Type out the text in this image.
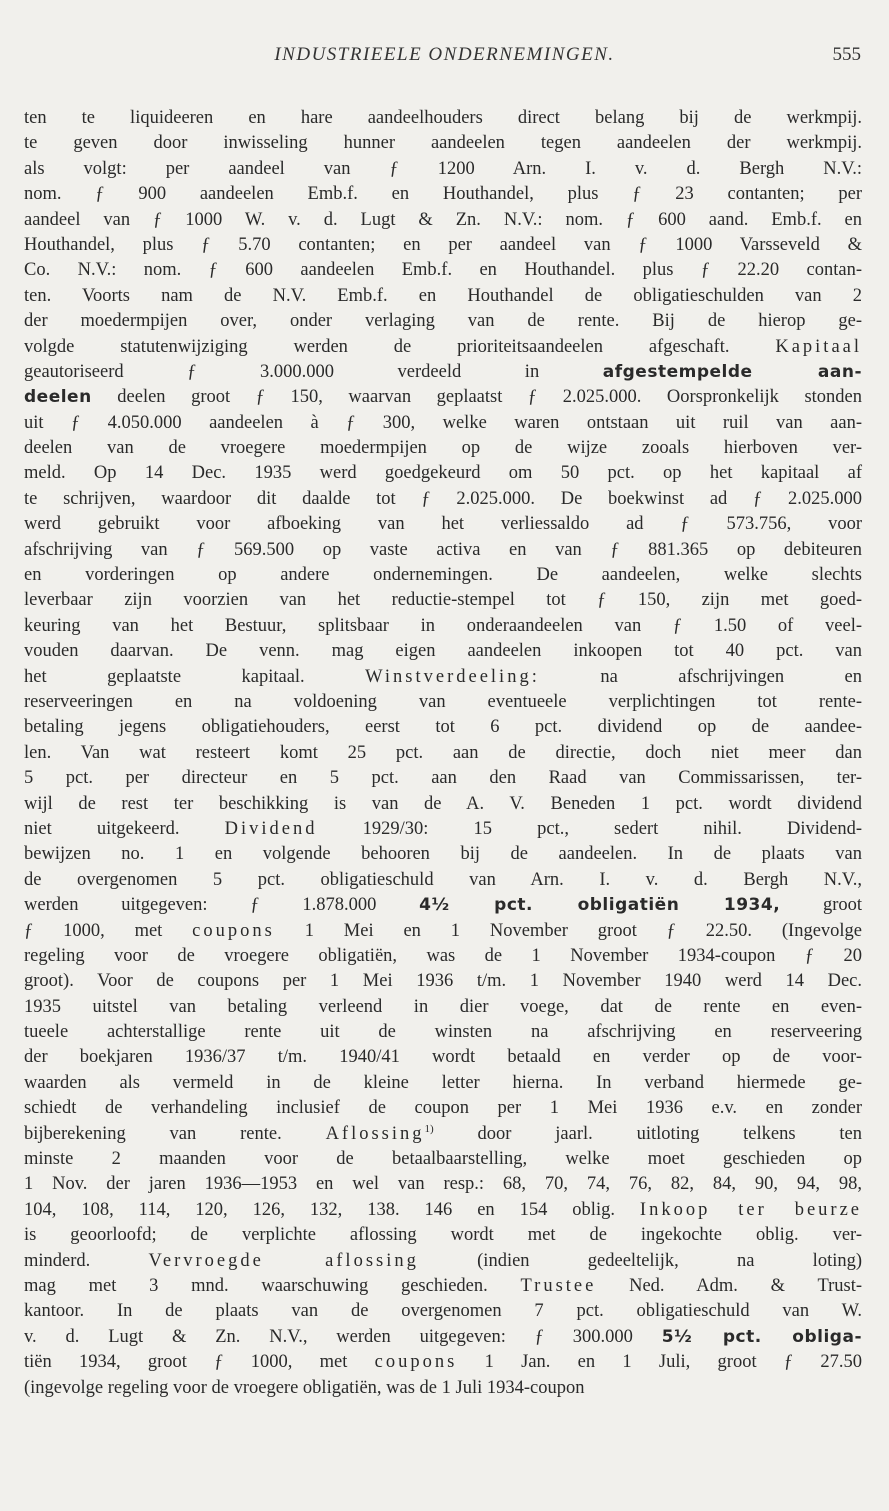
INDUSTRIEELE ONDERNEMINGEN.	555
ten te liquideeren en hare aandeelhouders direct belang bij de werkmpij.
te geven door inwisseling hunner aandeelen tegen aandeelen der werkmpij.
als volgt: per aandeel van ƒ 1200 Arn. I. v. d. Bergh N.V.:
nom. ƒ 900 aandeelen Emb.f. en Houthandel, plus ƒ 23 contanten; per
aandeel van ƒ 1000 W. v. d. Lugt & Zn. N.V.: nom. ƒ 600 aand. Emb.f. en
Houthandel, plus ƒ 5.70 contanten; en per aandeel van ƒ 1000 Varsseveld &
Co. N.V.: nom. ƒ 600 aandeelen Emb.f. en Houthandel. plus ƒ 22.20 contan-
ten. Voorts nam de N.V. Emb.f. en Houthandel de obligatieschulden van 2
der moedermpijen over, onder verlaging van de rente. Bij de hierop ge-
volgde statutenwijziging werden de prioriteitsaandeelen afgeschaft. Kapitaal
geautoriseerd ƒ 3.000.000 verdeeld in	afgestempelde aan-
deelen deelen groot ƒ 150, waarvan geplaatst ƒ 2.025.000. Oorspronkelijk stonden
uit ƒ 4.050.000 aandeelen à ƒ 300, welke waren ontstaan uit ruil van aan-
deelen van de vroegere moedermpijen op de wijze zooals hierboven ver-
meld. Op 14 Dec. 1935 werd goedgekeurd om 50 pct. op het kapitaal af
te schrijven, waardoor dit daalde tot ƒ 2.025.000. De boekwinst ad ƒ 2.025.000
werd gebruikt voor afboeking van het verliessaldo ad ƒ 573.756, voor
afschrijving van ƒ 569.500 op vaste activa en van ƒ 881.365 op debiteuren
en vorderingen op andere ondernemingen. De aandeelen, welke slechts
leverbaar zijn voorzien van het reductie-stempel tot ƒ 150, zijn met goed-
keuring van het Bestuur, splitsbaar in onderaandeelen van ƒ 1.50 of veel-
vouden daarvan. De venn. mag eigen aandeelen inkoopen tot 40 pct. van
het geplaatste kapitaal.	Winstverdeeling:	na afschrijvingen en
reserveeringen en na voldoening van eventueele verplichtingen tot rente-
betaling jegens obligatiehouders, eerst tot 6 pct. dividend op de aandee-
len. Van wat resteert komt 25 pct. aan de directie, doch niet meer dan
5 pct. per directeur en 5 pct. aan den Raad van Commissarissen, ter-
wijl de rest ter beschikking is van de A. V. Beneden 1 pct. wordt dividend
niet uitgekeerd. Dividend 1929/30: 15 pct., sedert nihil. Dividend-
bewijzen no. 1 en volgende behooren bij de aandeelen. In de plaats van
de overgenomen 5 pct. obligatieschuld van Arn. I. v. d. Bergh N.V.,
werden uitgegeven: ƒ 1.878.000	4½ pct. obligatiën 1934, groot
ƒ 1000, met coupons 1 Mei en 1 November groot ƒ 22.50. (Ingevolge
regeling voor de vroegere obligatiën, was de 1 November 1934-coupon ƒ 20
groot). Voor de coupons per 1 Mei 1936 t/m. 1 November 1940 werd 14 Dec.
1935 uitstel van betaling verleend in dier voege, dat de rente en even-
tueele achterstallige rente uit de winsten na afschrijving en reserveering
der boekjaren 1936/37 t/m. 1940/41 wordt betaald en verder op de voor-
waarden als vermeld in de kleine letter hierna. In verband hiermede ge-
schiedt de verhandeling inclusief de coupon per 1 Mei 1936 e.v. en zonder
bijberekening van rente. Aflossing$^{1)}$ door jaarl. uitloting telkens ten
minste 2 maanden voor de betaalbaarstelling, welke moet geschieden op
1 Nov. der jaren 1936—1953 en wel van resp.: 68, 70, 74, 76, 82, 84, 90, 94, 98,
104, 108, 114, 120, 126, 132, 138. 146 en 154 oblig. Inkoop ter beurze
is geoorloofd; de verplichte aflossing wordt met de ingekochte oblig. ver-
minderd.	Vervroegde aflossing	(indien gedeeltelijk, na loting)
mag met 3 mnd. waarschuwing geschieden. Trustee Ned. Adm. & Trust-
kantoor. In de plaats van de overgenomen 7 pct. obligatieschuld van W.
v. d. Lugt & Zn. N.V., werden uitgegeven: ƒ 300.000 5½ pct. obliga-
tiën 1934, groot ƒ 1000, met coupons 1 Jan. en 1 Juli, groot ƒ 27.50
(ingevolge regeling voor de vroegere obligatiën, was de 1 Juli 1934-coupon
